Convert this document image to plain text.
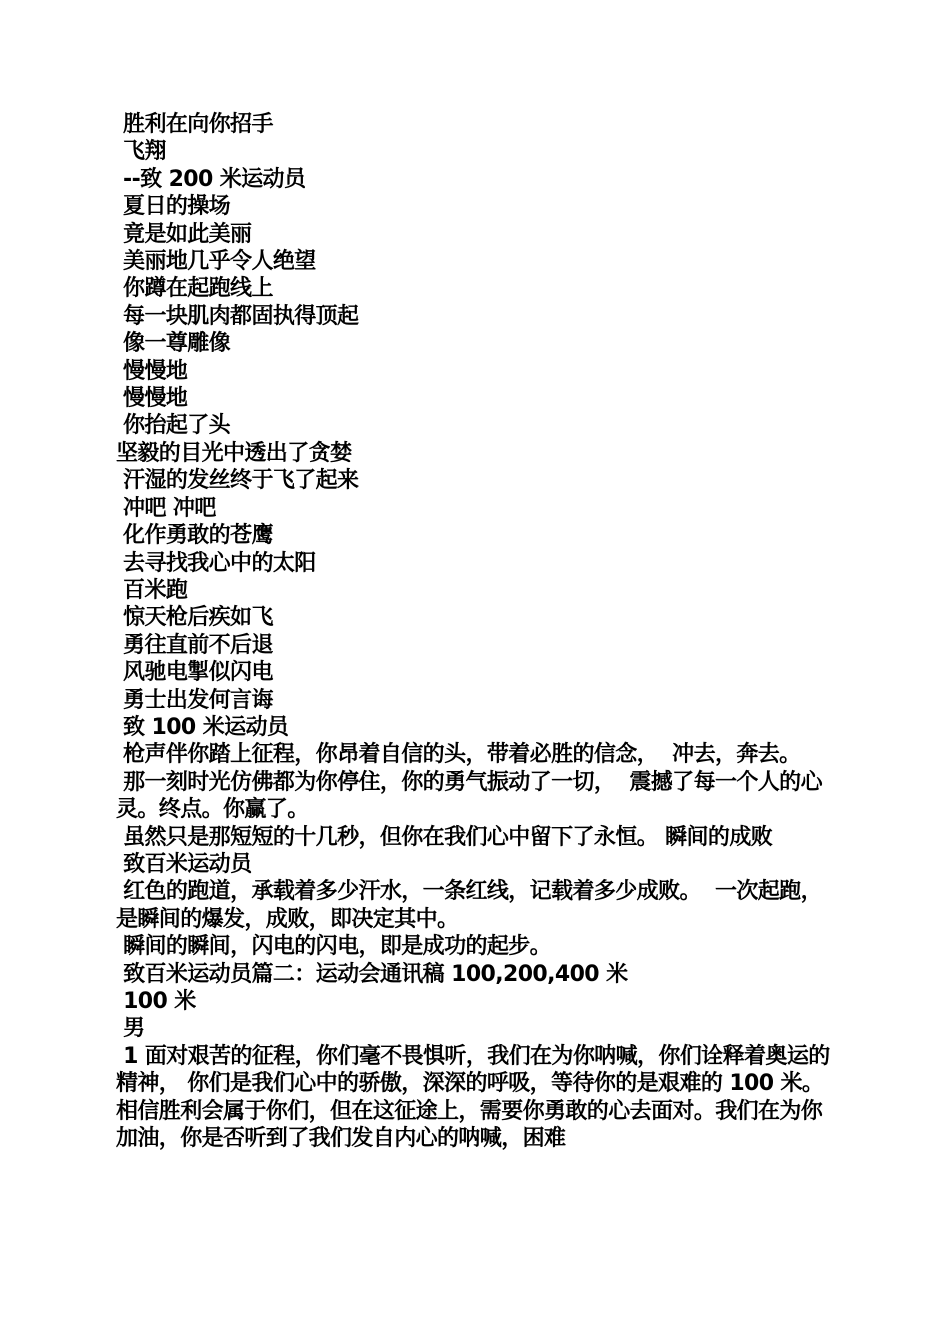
胜利在向你招手

飞翔

--致 200 米运动员

夏日的操场

竟是如此美丽

美丽地几乎令人绝望

你蹲在起跑线上

每一块肌肉都固执得顶起

像一尊雕像

慢慢地

慢慢地

你抬起了头

坚毅的目光中透出了贪婪

汗湿的发丝终于飞了起来

冲吧 冲吧

化作勇敢的苍鹰

去寻找我心中的太阳

百米跑

惊天枪后疾如飞

勇往直前不后退

风驰电掣似闪电

勇士出发何言诲

致 100 米运动员

枪声伴你踏上征程，你昂着自信的头，带着必胜的信念，  冲去，奔去。

那一刻时光仿佛都为你停住，你的勇气振动了一切，  震撼了每一个人的心灵。终点。你赢了。

虽然只是那短短的十几秒，但你在我们心中留下了永恒。 瞬间的成败

致百米运动员

红色的跑道，承载着多少汗水，一条红线，记载着多少成败。  一次起跑，是瞬间的爆发，成败，即决定其中。

瞬间的瞬间，闪电的闪电，即是成功的起步。

致百米运动员篇二：运动会通讯稿 100,200,400 米

100 米

男

1 面对艰苦的征程，你们毫不畏惧听，我们在为你呐喊，你们诠释着奥运的精神， 你们是我们心中的骄傲，深深的呼吸，等待你的是艰难的 100 米。相信胜利会属于你们，但在这征途上，需要你勇敢的心去面对。我们在为你加油，你是否听到了我们发自内心的呐喊，困难
